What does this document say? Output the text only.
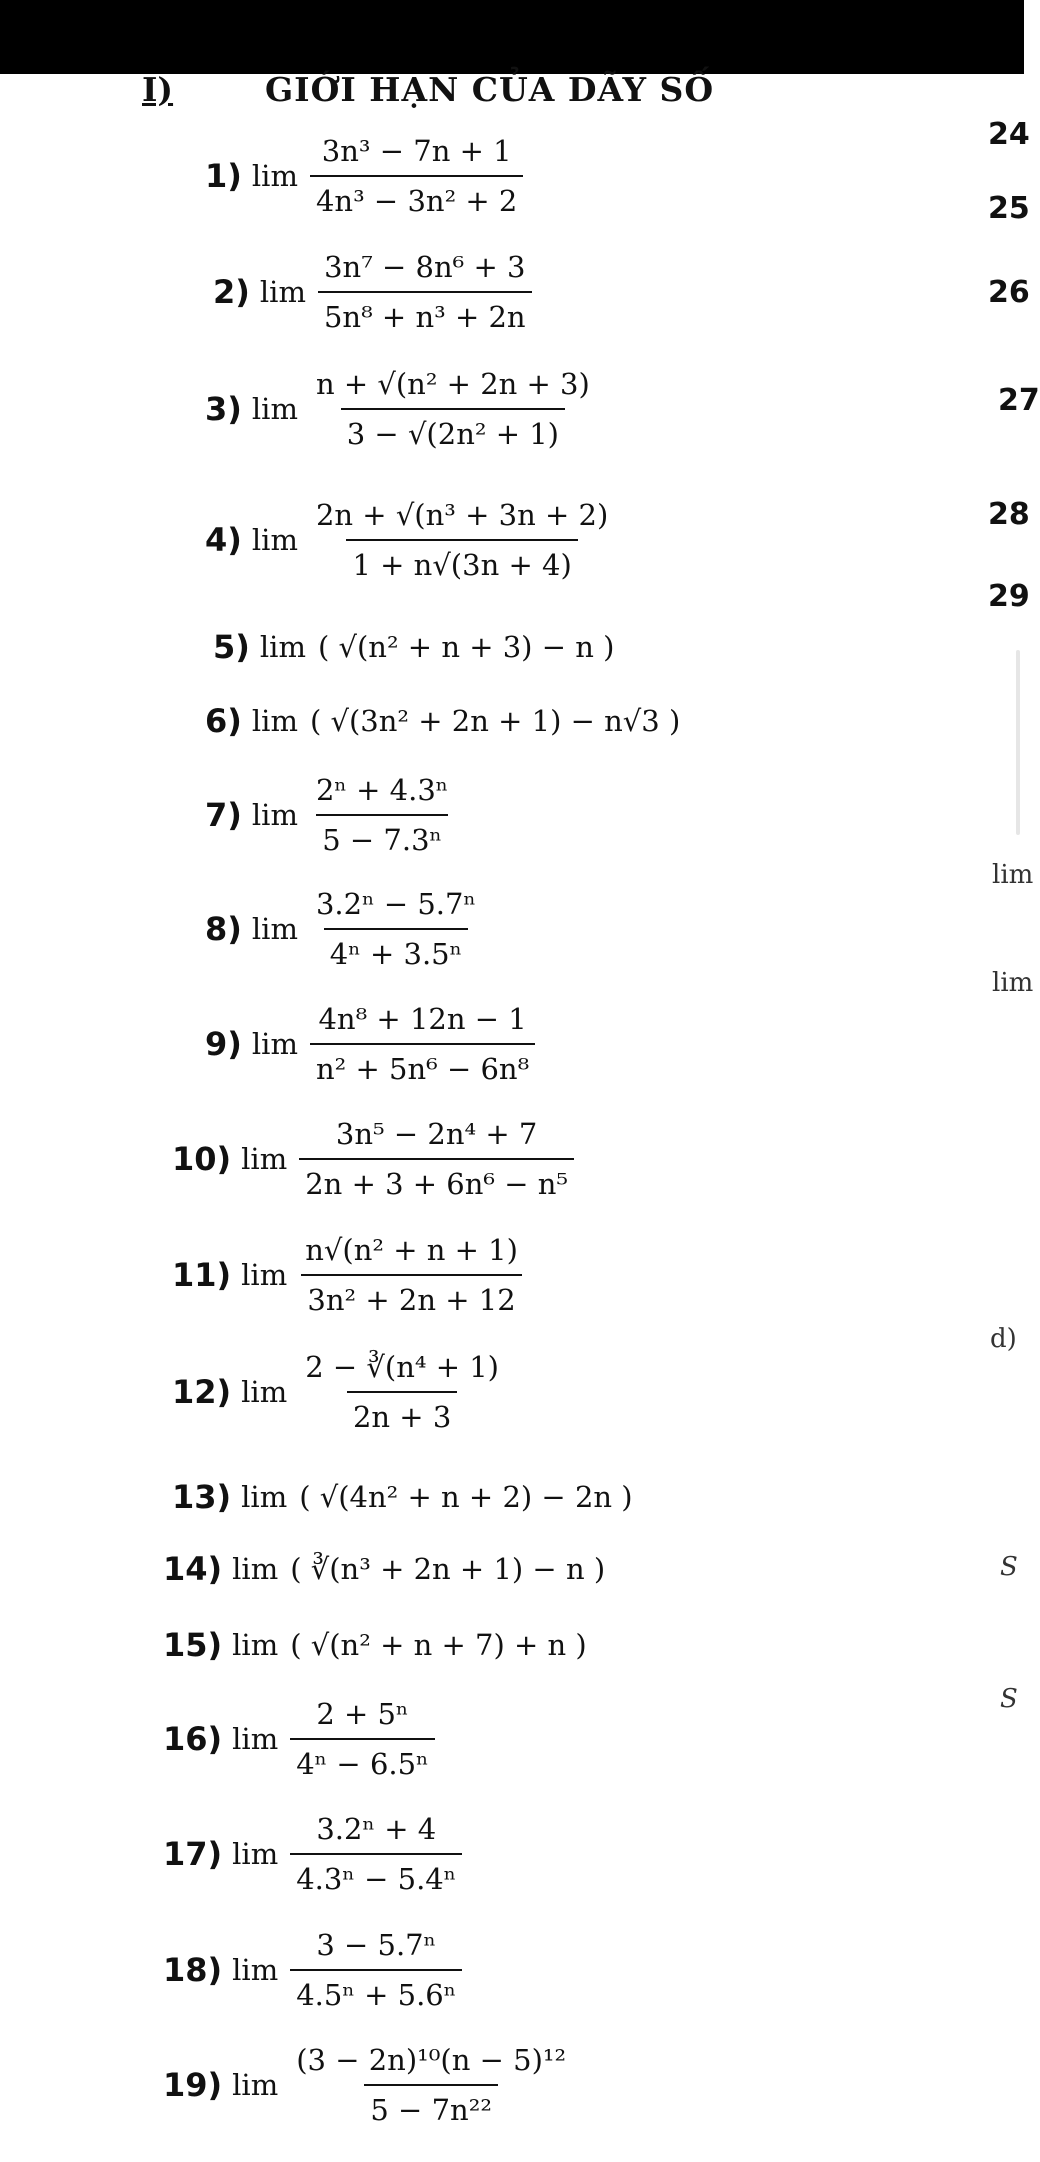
I)	GIỚI HẠN CỦA DÃY SỐ
1) $\lim \frac{\text{3n³ − 7n + 1}}{\text{4n³ − 3n² + 2}}$
2) $\lim \frac{\text{3n⁷ − 8n⁶ + 3}}{\text{5n⁸ + n³ + 2n}}$
3) $\lim \frac{\text{n + √(n² + 2n + 3)}}{\text{3 − √(2n² + 1)}}$
4) $\lim \frac{\text{2n + √(n³ + 3n + 2)}}{1 + n√(3n + 4)}$
5) lim ( √(n² + n + 3) − n )
6) lim ( √(3n² + 2n + 1) − n√3 )
7) $\lim \frac{\text{2ⁿ + 4.3ⁿ}}{\text{5 − 7.3ⁿ}}$
8) $\lim \frac{\text{3.2ⁿ − 5.7ⁿ}}{\text{4ⁿ + 3.5ⁿ}}$
9) $\lim \frac{\text{4n⁸ + 12n − 1}}{\text{n² + 5n⁶ − 6n⁸}}$
10) $\lim \frac{\text{3n⁵ − 2n⁴ + 7}}{\text{2n + 3 + 6n⁶ − n⁵}}$
11) $\lim \frac{\text{n√(n² + n + 1)}}{\text{3n² + 2n + 12}}$
12) $\lim \frac{\text{2 − ∛(n⁴ + 1)}}{2n + 3}$
13) lim ( √(4n² + n + 2) − 2n )
14) lim ( ∛(n³ + 2n + 1) − n )
15) lim ( √(n² + n + 7) + n )
16) $\lim \frac{\text{2 + 5ⁿ}}{\text{4ⁿ − 6.5ⁿ}}$
17) $\lim \frac{\text{3.2ⁿ + 4}}{\text{4.3ⁿ − 5.4ⁿ}}$
18) $\lim \frac{\text{3 − 5.7ⁿ}}{\text{4.5ⁿ + 5.6ⁿ}}$
19) $\lim \frac{\text{(3 − 2n)¹⁰(n − 5)¹²}}{\text{5 − 7n²²}}$
24
25
26
27
28
29
lim
lim
d)
S
S
